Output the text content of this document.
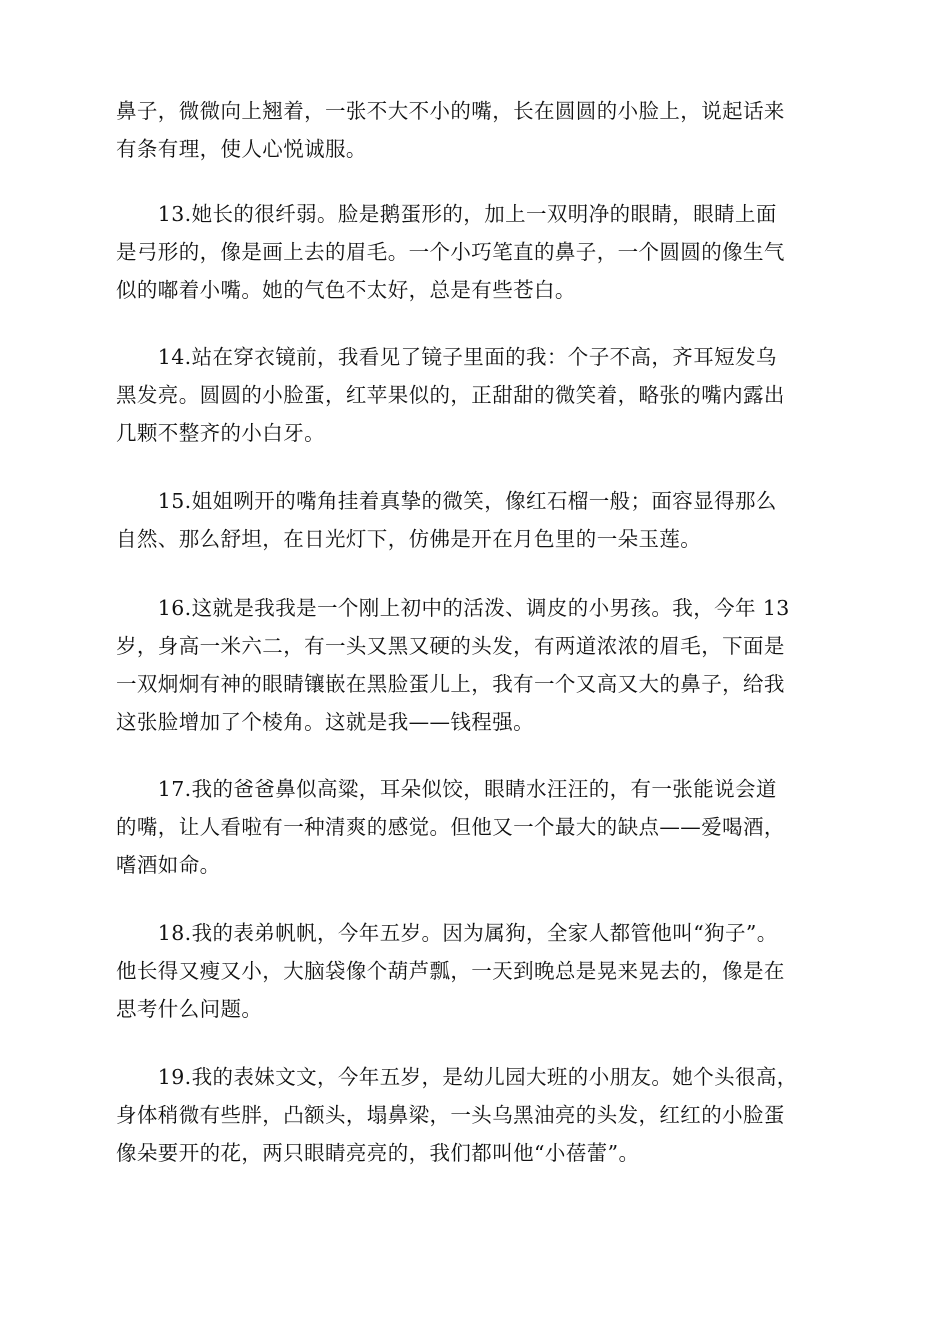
鼻子，微微向上翘着，一张不大不小的嘴，长在圆圆的小脸上，说起话来
有条有理，使人心悦诚服。
　　13.她长的很纤弱。脸是鹅蛋形的，加上一双明净的眼睛，眼睛上面
是弓形的，像是画上去的眉毛。一个小巧笔直的鼻子，一个圆圆的像生气
似的嘟着小嘴。她的气色不太好，总是有些苍白。
　　14.站在穿衣镜前，我看见了镜子里面的我：个子不高，齐耳短发乌
黑发亮。圆圆的小脸蛋，红苹果似的，正甜甜的微笑着，略张的嘴内露出
几颗不整齐的小白牙。
　　15.姐姐咧开的嘴角挂着真挚的微笑，像红石榴一般；面容显得那么
自然、那么舒坦，在日光灯下，仿佛是开在月色里的一朵玉莲。
　　16.这就是我我是一个刚上初中的活泼、调皮的小男孩。我，今年 13
岁，身高一米六二，有一头又黑又硬的头发，有两道浓浓的眉毛，下面是
一双炯炯有神的眼睛镶嵌在黑脸蛋儿上，我有一个又高又大的鼻子，给我
这张脸增加了个棱角。这就是我——钱程强。
　　17.我的爸爸鼻似高粱，耳朵似饺，眼睛水汪汪的，有一张能说会道
的嘴，让人看啦有一种清爽的感觉。但他又一个最大的缺点——爱喝酒，
嗜酒如命。
　　18.我的表弟帆帆，今年五岁。因为属狗，全家人都管他叫“狗子”。
他长得又瘦又小，大脑袋像个葫芦瓢，一天到晚总是晃来晃去的，像是在
思考什么问题。
　　19.我的表妹文文，今年五岁，是幼儿园大班的小朋友。她个头很高，
身体稍微有些胖，凸额头，塌鼻梁，一头乌黑油亮的头发，红红的小脸蛋
像朵要开的花，两只眼睛亮亮的，我们都叫他“小蓓蕾”。
